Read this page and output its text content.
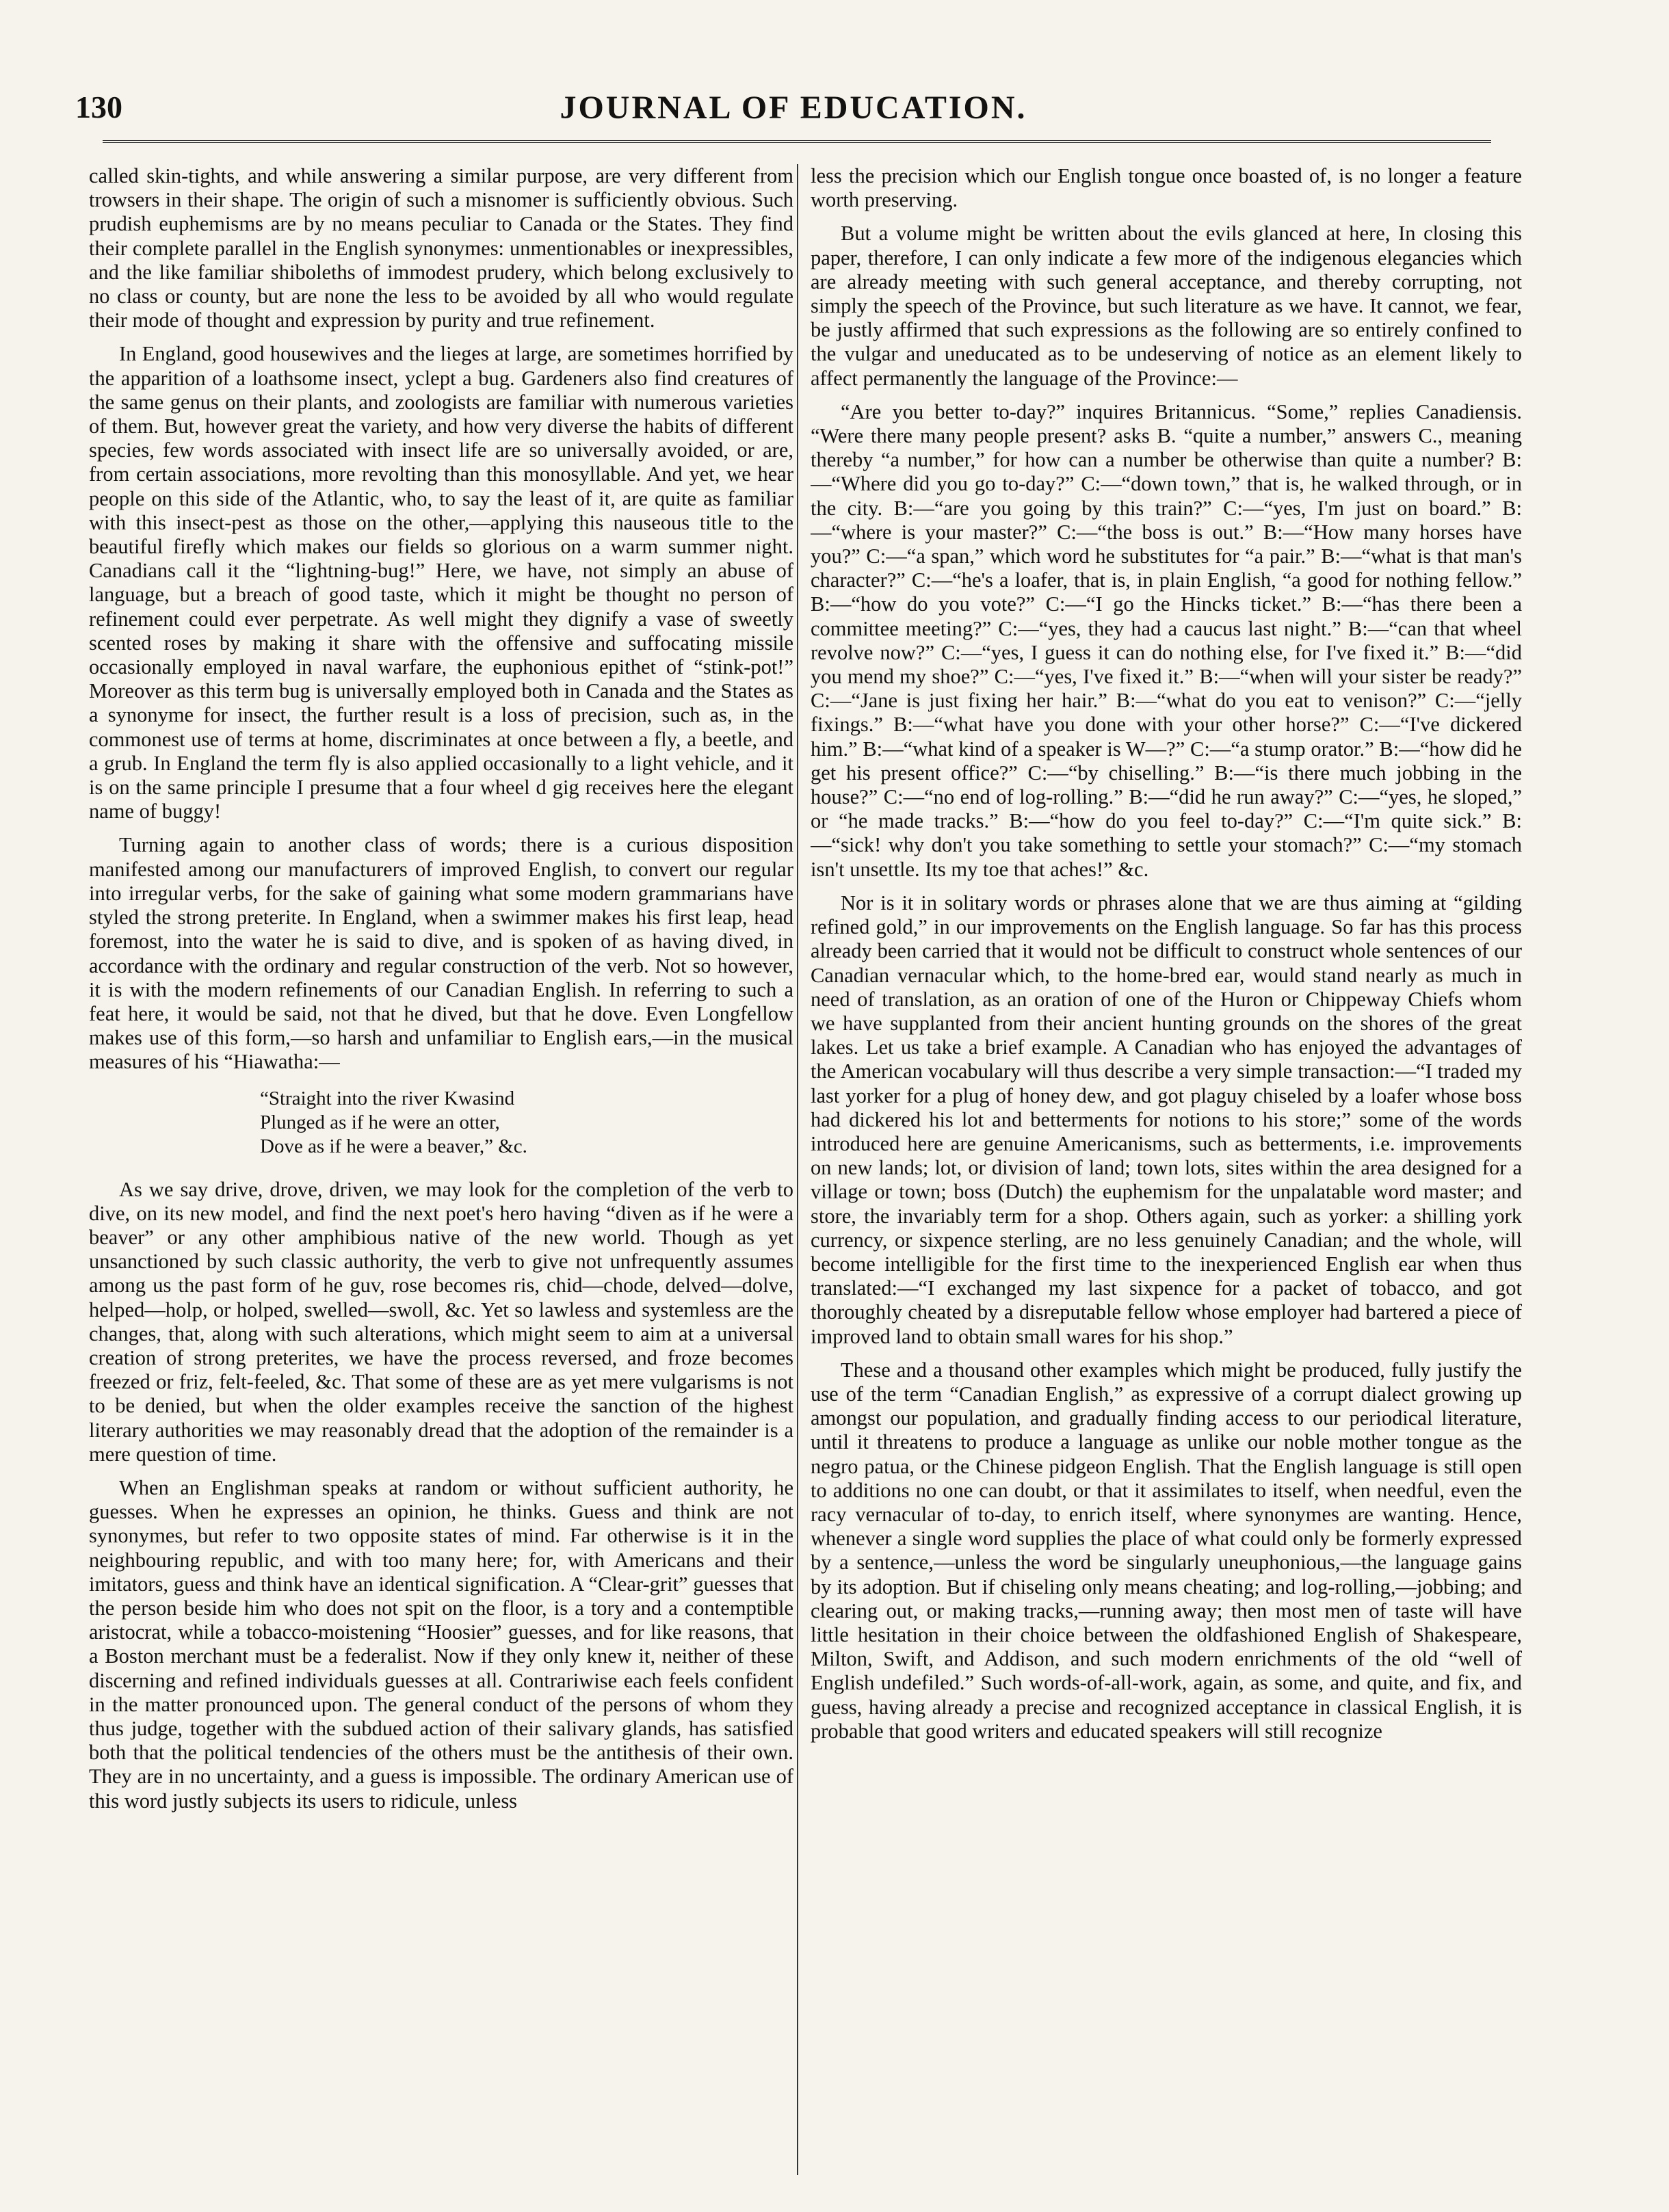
130	JOURNAL OF EDUCATION.

called skin-tights, and while answering a similar purpose, are very different from trowsers in their shape. The origin of such a misnomer is sufficiently obvious. Such prudish euphemisms are by no means peculiar to Canada or the States. They find their complete parallel in the English synonymes: unmentionables or inexpressibles, and the like familiar shiboleths of immodest prudery, which belong exclusively to no class or county, but are none the less to be avoided by all who would regulate their mode of thought and expression by purity and true refinement.

In England, good housewives and the lieges at large, are sometimes horrified by the apparition of a loathsome insect, yclept a bug. Gardeners also find creatures of the same genus on their plants, and zoologists are familiar with numerous varieties of them. But, however great the variety, and how very diverse the habits of different species, few words associated with insect life are so universally avoided, or are, from certain associations, more revolting than this monosyllable. And yet, we hear people on this side of the Atlantic, who, to say the least of it, are quite as familiar with this insect-pest as those on the other,—applying this nauseous title to the beautiful firefly which makes our fields so glorious on a warm summer night. Canadians call it the “lightning-bug!” Here, we have, not simply an abuse of language, but a breach of good taste, which it might be thought no person of refinement could ever perpetrate. As well might they dignify a vase of sweetly scented roses by making it share with the offensive and suffocating missile occasionally employed in naval warfare, the euphonious epithet of “stink-pot!” Moreover as this term bug is universally employed both in Canada and the States as a synonyme for insect, the further result is a loss of precision, such as, in the commonest use of terms at home, discriminates at once between a fly, a beetle, and a grub. In England the term fly is also applied occasionally to a light vehicle, and it is on the same principle I presume that a four wheel d gig receives here the elegant name of buggy!

Turning again to another class of words; there is a curious disposition manifested among our manufacturers of improved English, to convert our regular into irregular verbs, for the sake of gaining what some modern grammarians have styled the strong preterite. In England, when a swimmer makes his first leap, head foremost, into the water he is said to dive, and is spoken of as having dived, in accordance with the ordinary and regular construction of the verb. Not so however, it is with the modern refinements of our Canadian English. In referring to such a feat here, it would be said, not that he dived, but that he dove. Even Longfellow makes use of this form,—so harsh and unfamiliar to English ears,—in the musical measures of his “Hiawatha:—

“Straight into the river Kwasind
Plunged as if he were an otter,
Dove as if he were a beaver,” &c.

As we say drive, drove, driven, we may look for the completion of the verb to dive, on its new model, and find the next poet's hero having “diven as if he were a beaver” or any other amphibious native of the new world. Though as yet unsanctioned by such classic authority, the verb to give not unfrequently assumes among us the past form of he guv, rose becomes ris, chid—chode, delved—dolve, helped—holp, or holped, swelled—swoll, &c. Yet so lawless and systemless are the changes, that, along with such alterations, which might seem to aim at a universal creation of strong preterites, we have the process reversed, and froze becomes freezed or friz, felt-feeled, &c. That some of these are as yet mere vulgarisms is not to be denied, but when the older examples receive the sanction of the highest literary authorities we may reasonably dread that the adoption of the remainder is a mere question of time.

When an Englishman speaks at random or without sufficient authority, he guesses. When he expresses an opinion, he thinks. Guess and think are not synonymes, but refer to two opposite states of mind. Far otherwise is it in the neighbouring republic, and with too many here; for, with Americans and their imitators, guess and think have an identical signification. A “Clear-grit” guesses that the person beside him who does not spit on the floor, is a tory and a contemptible aristocrat, while a tobacco-moistening “Hoosier” guesses, and for like reasons, that a Boston merchant must be a federalist. Now if they only knew it, neither of these discerning and refined individuals guesses at all. Contrariwise each feels confident in the matter pronounced upon. The general conduct of the persons of whom they thus judge, together with the subdued action of their salivary glands, has satisfied both that the political tendencies of the others must be the antithesis of their own. They are in no uncertainty, and a guess is impossible. The ordinary American use of this word justly subjects its users to ridicule, unless

less the precision which our English tongue once boasted of, is no longer a feature worth preserving.

But a volume might be written about the evils glanced at here, In closing this paper, therefore, I can only indicate a few more of the indigenous elegancies which are already meeting with such general acceptance, and thereby corrupting, not simply the speech of the Province, but such literature as we have. It cannot, we fear, be justly affirmed that such expressions as the following are so entirely confined to the vulgar and uneducated as to be undeserving of notice as an element likely to affect permanently the language of the Province:—

“Are you better to-day?” inquires Britannicus. “Some,” replies Canadiensis. “Were there many people present? asks B. “quite a number,” answers C., meaning thereby “a number,” for how can a number be otherwise than quite a number? B:—“Where did you go to-day?” C:—“down town,” that is, he walked through, or in the city. B:—“are you going by this train?” C:—“yes, I'm just on board.” B:—“where is your master?” C:—“the boss is out.” B:—“How many horses have you?” C:—“a span,” which word he substitutes for “a pair.” B:—“what is that man's character?” C:—“he's a loafer, that is, in plain English, “a good for nothing fellow.” B:—“how do you vote?” C:—“I go the Hincks ticket.” B:—“has there been a committee meeting?” C:—“yes, they had a caucus last night.” B:—“can that wheel revolve now?” C:—“yes, I guess it can do nothing else, for I've fixed it.” B:—“did you mend my shoe?” C:—“yes, I've fixed it.” B:—“when will your sister be ready?” C:—“Jane is just fixing her hair.” B:—“what do you eat to venison?” C:—“jelly fixings.” B:—“what have you done with your other horse?” C:—“I've dickered him.” B:—“what kind of a speaker is W—?” C:—“a stump orator.” B:—“how did he get his present office?” C:—“by chiselling.” B:—“is there much jobbing in the house?” C:—“no end of log-rolling.” B:—“did he run away?” C:—“yes, he sloped,” or “he made tracks.” B:—“how do you feel to-day?” C:—“I'm quite sick.” B:—“sick! why don't you take something to settle your stomach?” C:—“my stomach isn't unsettle. Its my toe that aches!” &c.

Nor is it in solitary words or phrases alone that we are thus aiming at “gilding refined gold,” in our improvements on the English language. So far has this process already been carried that it would not be difficult to construct whole sentences of our Canadian vernacular which, to the home-bred ear, would stand nearly as much in need of translation, as an oration of one of the Huron or Chippeway Chiefs whom we have supplanted from their ancient hunting grounds on the shores of the great lakes. Let us take a brief example. A Canadian who has enjoyed the advantages of the American vocabulary will thus describe a very simple transaction:—“I traded my last yorker for a plug of honey dew, and got plaguy chiseled by a loafer whose boss had dickered his lot and betterments for notions to his store;” some of the words introduced here are genuine Americanisms, such as betterments, i.e. improvements on new lands; lot, or division of land; town lots, sites within the area designed for a village or town; boss (Dutch) the euphemism for the unpalatable word master; and store, the invariably term for a shop. Others again, such as yorker: a shilling york currency, or sixpence sterling, are no less genuinely Canadian; and the whole, will become intelligible for the first time to the inexperienced English ear when thus translated:—“I exchanged my last sixpence for a packet of tobacco, and got thoroughly cheated by a disreputable fellow whose employer had bartered a piece of improved land to obtain small wares for his shop.”

These and a thousand other examples which might be produced, fully justify the use of the term “Canadian English,” as expressive of a corrupt dialect growing up amongst our population, and gradually finding access to our periodical literature, until it threatens to produce a language as unlike our noble mother tongue as the negro patua, or the Chinese pidgeon English. That the English language is still open to additions no one can doubt, or that it assimilates to itself, when needful, even the racy vernacular of to-day, to enrich itself, where synonymes are wanting. Hence, whenever a single word supplies the place of what could only be formerly expressed by a sentence,—unless the word be singularly uneuphonious,—the language gains by its adoption. But if chiseling only means cheating; and log-rolling,—jobbing; and clearing out, or making tracks,—running away; then most men of taste will have little hesitation in their choice between the oldfashioned English of Shakespeare, Milton, Swift, and Addison, and such modern enrichments of the old “well of English undefiled.” Such words-of-all-work, again, as some, and quite, and fix, and guess, having already a precise and recognized acceptance in classical English, it is probable that good writers and educated speakers will still recognize
